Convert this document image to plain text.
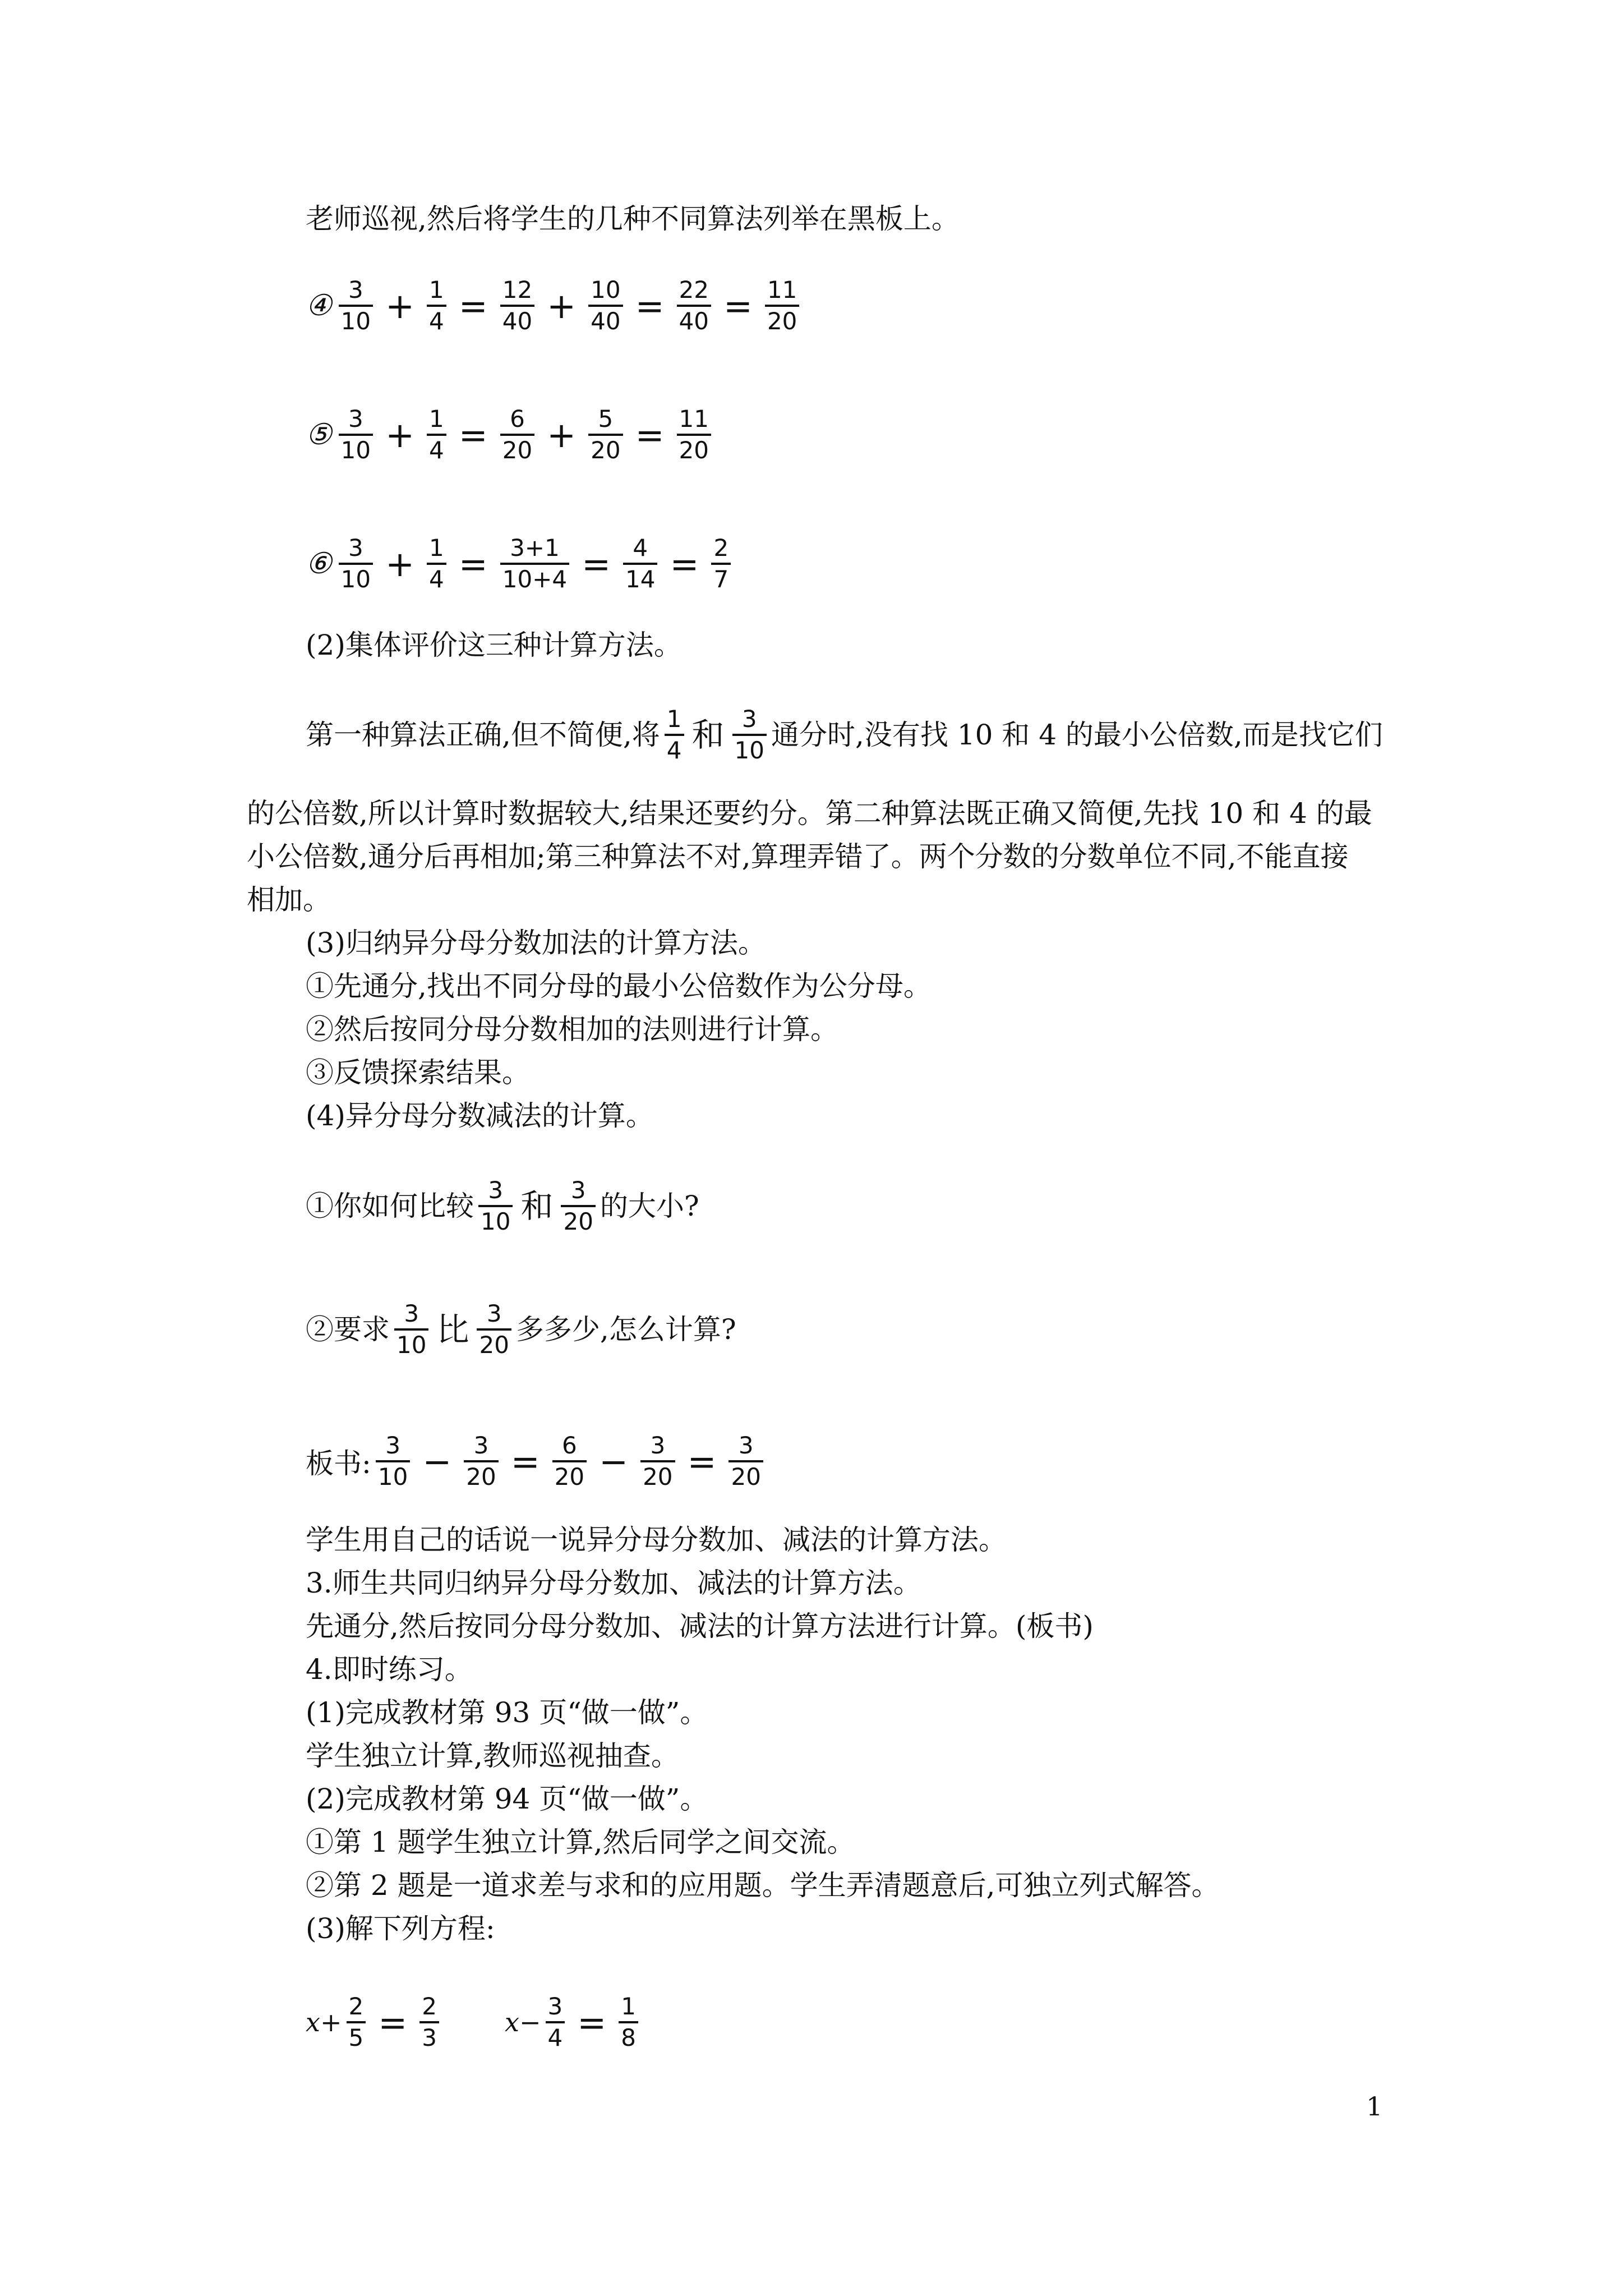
老师巡视,然后将学生的几种不同算法列举在黑板上。
④ $\frac{3}{10} + \frac{1}{4} = \frac{12}{40} + \frac{10}{40} = \frac{22}{40} = \frac{11}{20}$
⑤ $\frac{3}{10} + \frac{1}{4} = \frac{6}{20} + \frac{5}{20} = \frac{11}{20}$
⑥ $\frac{3}{10} + \frac{1}{4} = \frac{3+1}{10+4} = \frac{4}{14} = \frac{2}{7}$
(2)集体评价这三种计算方法。
第一种算法正确,但不简便,将 $\frac{1}{4}$ 和 $\frac{3}{10}$ 通分时,没有找 10 和 4 的最小公倍数,而是找它们
的公倍数,所以计算时数据较大,结果还要约分。第二种算法既正确又简便,先找 10 和 4 的最
小公倍数,通分后再相加;第三种算法不对,算理弄错了。两个分数的分数单位不同,不能直接
相加。
(3)归纳异分母分数加法的计算方法。
①先通分,找出不同分母的最小公倍数作为公分母。
②然后按同分母分数相加的法则进行计算。
③反馈探索结果。
(4)异分母分数减法的计算。
①你如何比较 $\frac{3}{10}$ 和 $\frac{3}{20}$ 的大小?
②要求 $\frac{3}{10}$ 比 $\frac{3}{20}$ 多多少,怎么计算?
板书: $\frac{3}{10} - \frac{3}{20} = \frac{6}{20} - \frac{3}{20} = \frac{3}{20}$
学生用自己的话说一说异分母分数加、减法的计算方法。
3.师生共同归纳异分母分数加、减法的计算方法。
先通分,然后按同分母分数加、减法的计算方法进行计算。(板书)
4.即时练习。
(1)完成教材第 93 页“做一做”。
学生独立计算,教师巡视抽查。
(2)完成教材第 94 页“做一做”。
①第 1 题学生独立计算,然后同学之间交流。
②第 2 题是一道求差与求和的应用题。学生弄清题意后,可独立列式解答。
(3)解下列方程:
$x+ \frac{2}{5} = \frac{2}{3}$	$x- \frac{3}{4} = \frac{1}{8}$
1
